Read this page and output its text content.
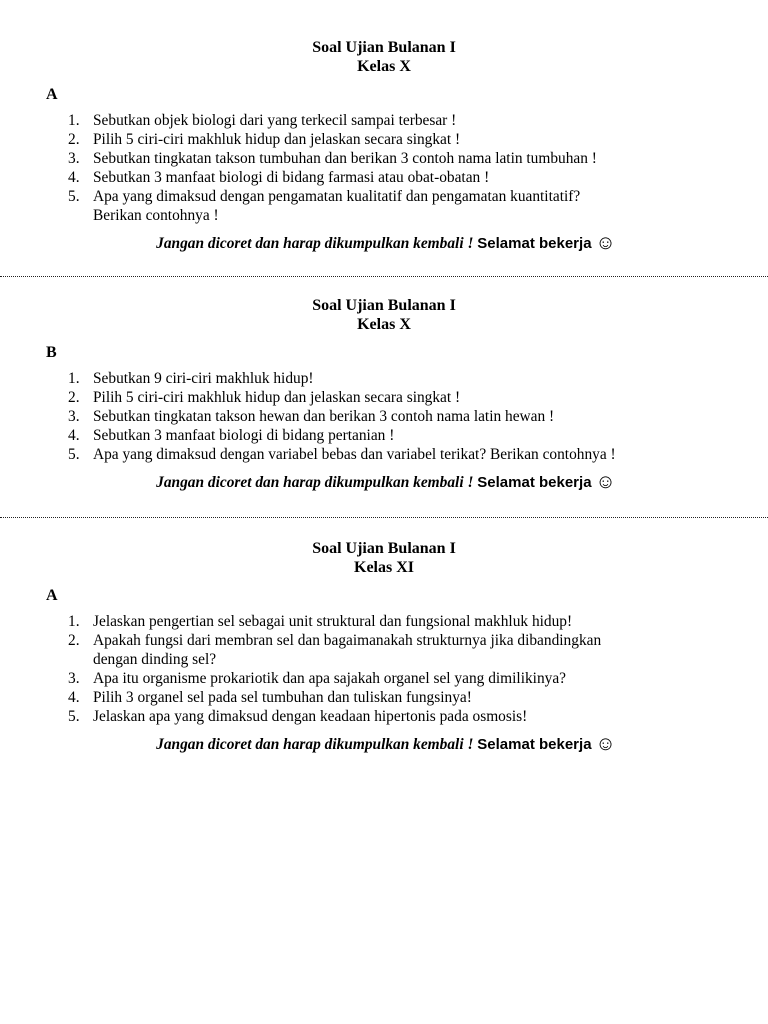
Soal Ujian Bulanan I

Kelas X

A

1. Sebutkan objek biologi dari yang terkecil sampai terbesar !
2. Pilih 5 ciri-ciri makhluk hidup dan jelaskan secara singkat !
3. Sebutkan tingkatan takson tumbuhan dan berikan 3 contoh nama latin tumbuhan !
4. Sebutkan 3 manfaat biologi di bidang farmasi atau obat-obatan !
5. Apa yang dimaksud dengan pengamatan kualitatif dan pengamatan kuantitatif?
Berikan contohnya !
Jangan dicoret dan harap dikumpulkan kembali ! Selamat bekerja ☺

Soal Ujian Bulanan I

Kelas X

B

1. Sebutkan 9 ciri-ciri makhluk hidup!
2. Pilih 5 ciri-ciri makhluk hidup dan jelaskan secara singkat !
3. Sebutkan tingkatan takson hewan dan berikan 3 contoh nama latin hewan !
4. Sebutkan 3 manfaat biologi di bidang pertanian !
5. Apa yang dimaksud dengan variabel bebas dan variabel terikat? Berikan contohnya !
Jangan dicoret dan harap dikumpulkan kembali ! Selamat bekerja ☺

Soal Ujian Bulanan I

Kelas XI

A

1. Jelaskan pengertian sel sebagai unit struktural dan fungsional makhluk hidup!
2. Apakah fungsi dari membran sel dan bagaimanakah strukturnya jika dibandingkan
dengan dinding sel?
3. Apa itu organisme prokariotik dan apa sajakah organel sel yang dimilikinya?
4. Pilih 3 organel sel pada sel tumbuhan dan tuliskan fungsinya!
5. Jelaskan apa yang dimaksud dengan keadaan hipertonis pada osmosis!
Jangan dicoret dan harap dikumpulkan kembali ! Selamat bekerja ☺
